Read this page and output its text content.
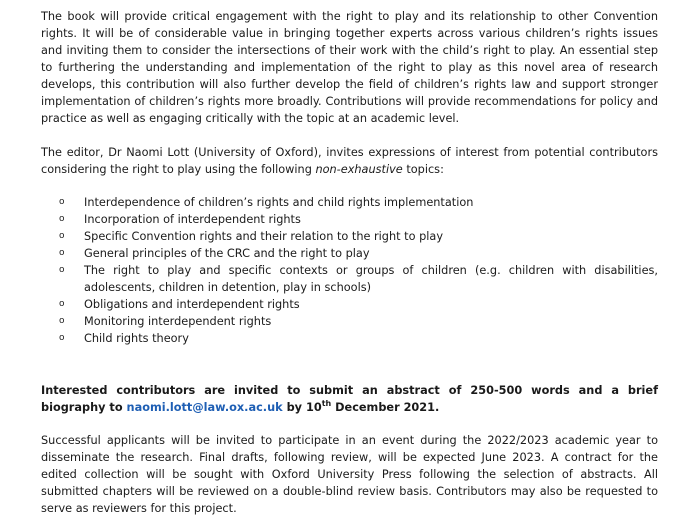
The book will provide critical engagement with the right to play and its relationship to other Convention rights. It will be of considerable value in bringing together experts across various children’s rights issues and inviting them to consider the intersections of their work with the child’s right to play. An essential step to furthering the understanding and implementation of the right to play as this novel area of research develops, this contribution will also further develop the field of children’s rights law and support stronger implementation of children’s rights more broadly. Contributions will provide recommendations for policy and practice as well as engaging critically with the topic at an academic level.

The editor, Dr Naomi Lott (University of Oxford), invites expressions of interest from potential contributors considering the right to play using the following non-exhaustive topics:

o Interdependence of children’s rights and child rights implementation
o Incorporation of interdependent rights
o Specific Convention rights and their relation to the right to play
o General principles of the CRC and the right to play
o The right to play and specific contexts or groups of children (e.g. children with disabilities, adolescents, children in detention, play in schools)
o Obligations and interdependent rights
o Monitoring interdependent rights
o Child rights theory

Interested contributors are invited to submit an abstract of 250-500 words and a brief biography to naomi.lott@law.ox.ac.uk by 10th December 2021.

Successful applicants will be invited to participate in an event during the 2022/2023 academic year to disseminate the research. Final drafts, following review, will be expected June 2023. A contract for the edited collection will be sought with Oxford University Press following the selection of abstracts. All submitted chapters will be reviewed on a double-blind review basis. Contributors may also be requested to serve as reviewers for this project.
